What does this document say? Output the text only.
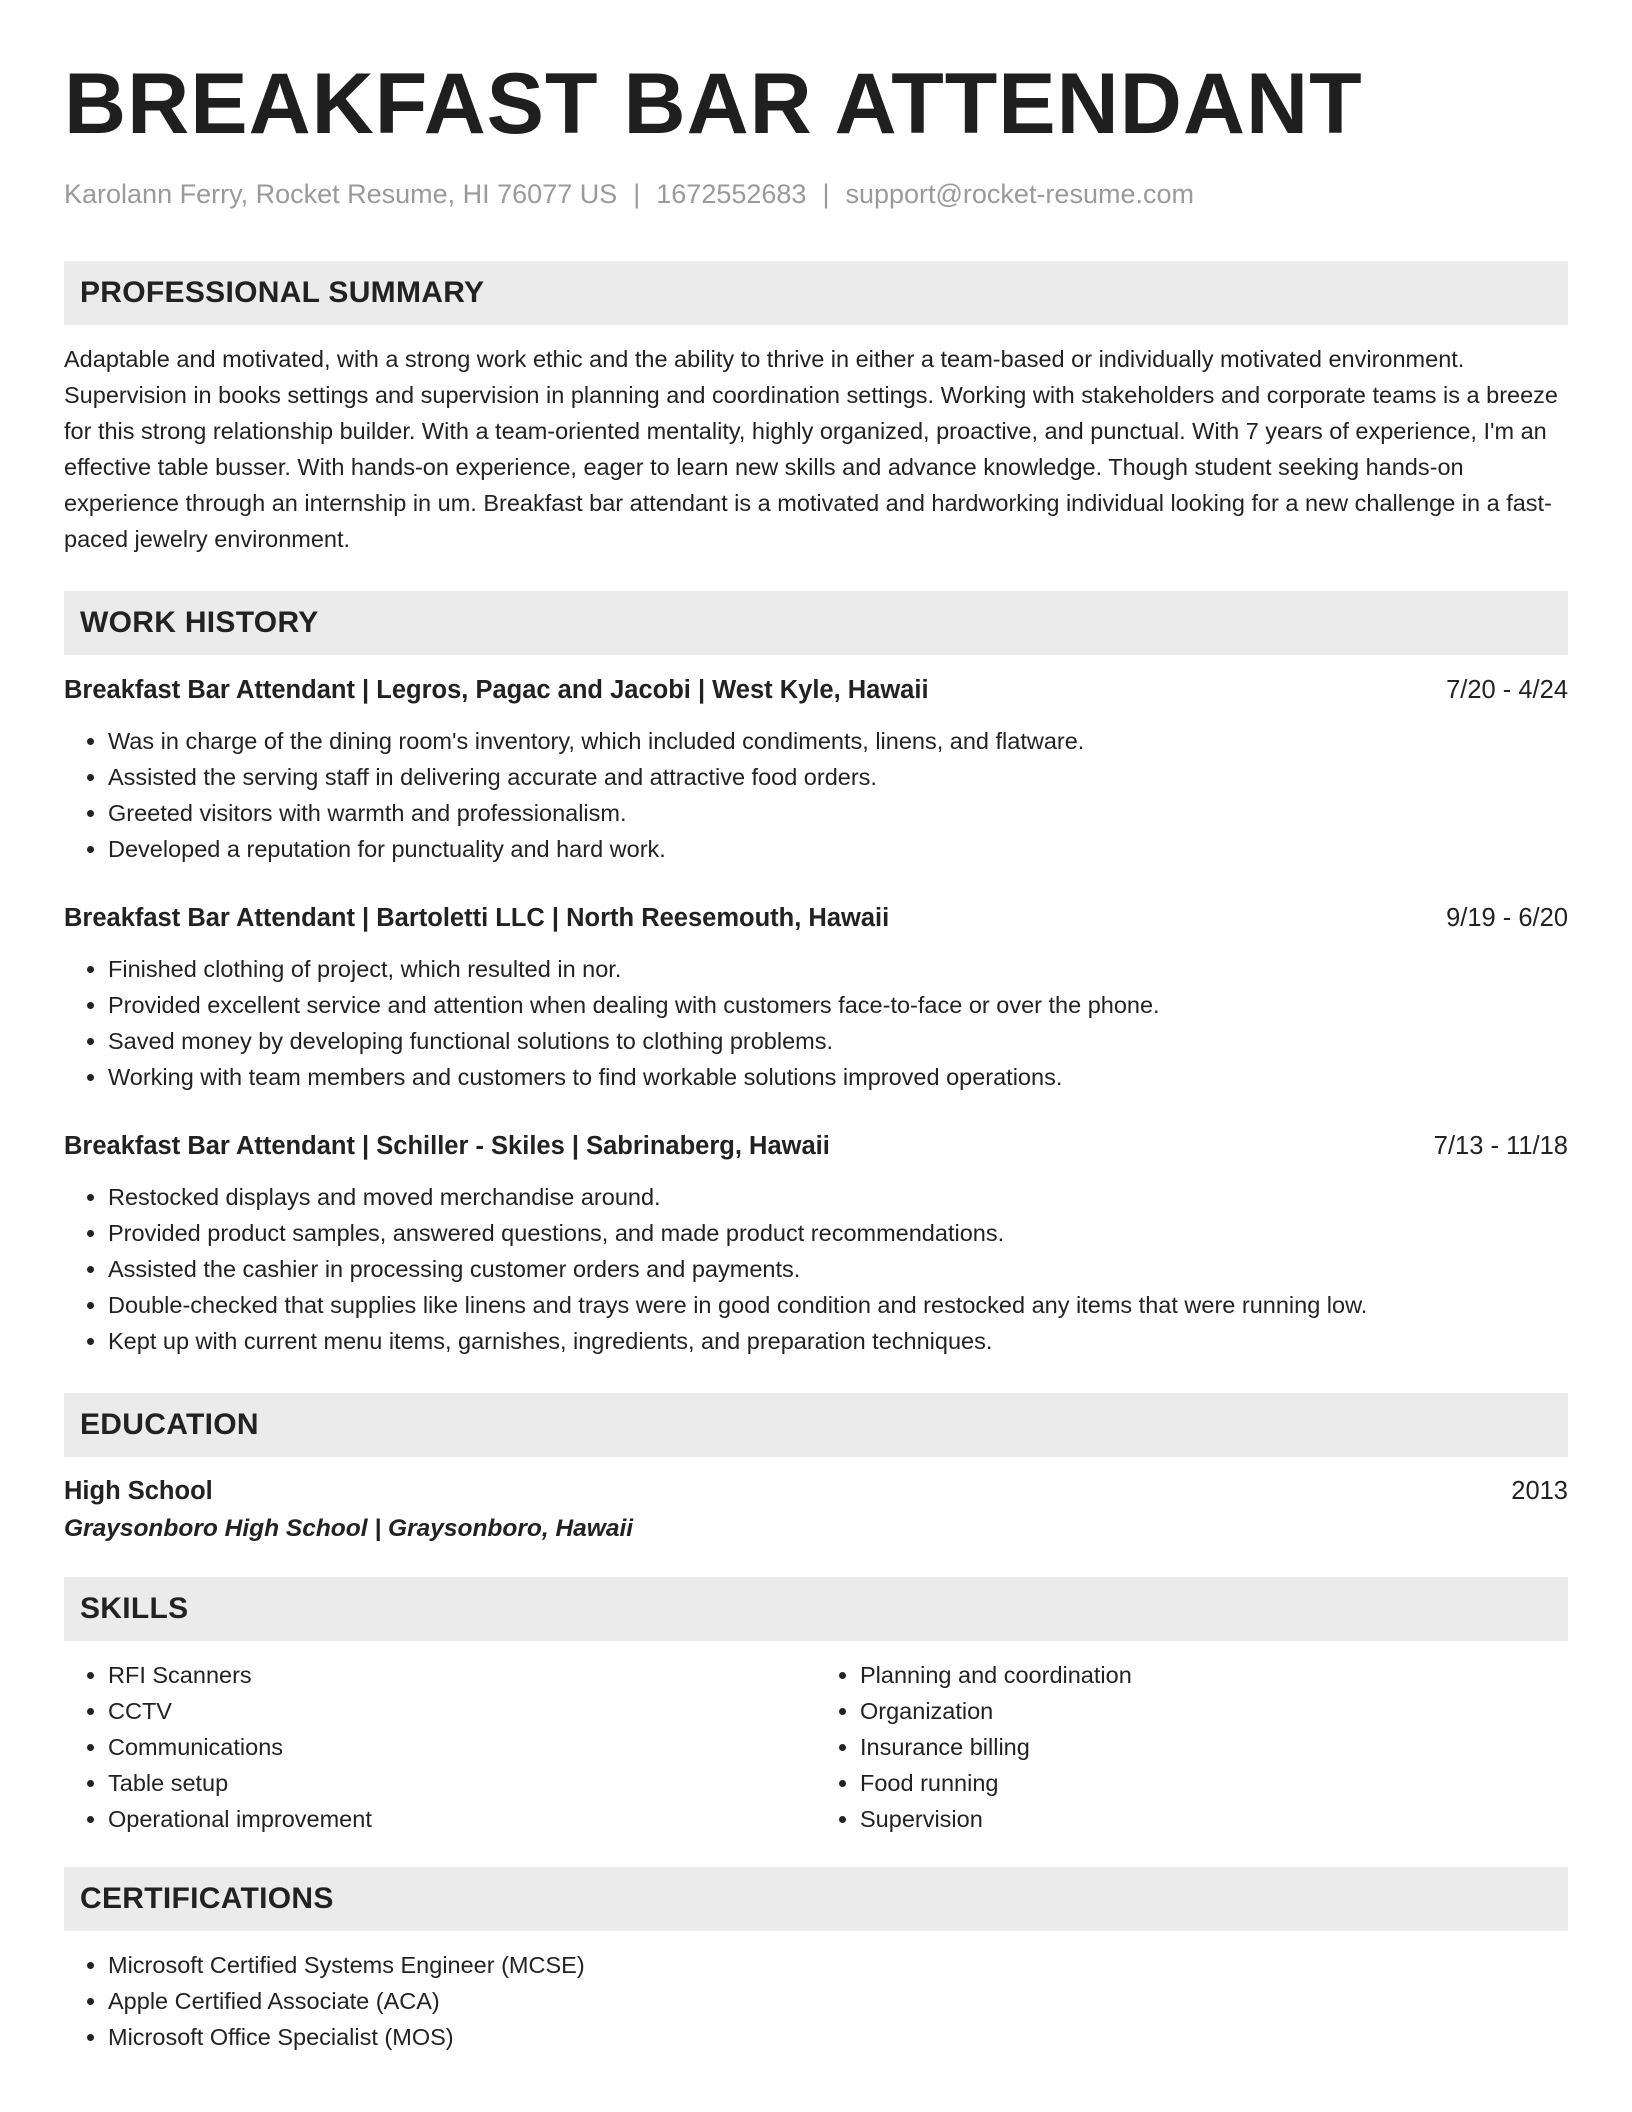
BREAKFAST BAR ATTENDANT
Karolann Ferry, Rocket Resume, HI 76077 US | 1672552683 | support@rocket-resume.com
PROFESSIONAL SUMMARY

Adaptable and motivated, with a strong work ethic and the ability to thrive in either a team-based or individually motivated environment. Supervision in books settings and supervision in planning and coordination settings. Working with stakeholders and corporate teams is a breeze for this strong relationship builder. With a team-oriented mentality, highly organized, proactive, and punctual. With 7 years of experience, I'm an effective table busser. With hands-on experience, eager to learn new skills and advance knowledge. Though student seeking hands-on experience through an internship in um. Breakfast bar attendant is a motivated and hardworking individual looking for a new challenge in a fast-paced jewelry environment.

WORK HISTORY
Breakfast Bar Attendant | Legros, Pagac and Jacobi | West Kyle, Hawaii	7/20 - 4/24
• Was in charge of the dining room's inventory, which included condiments, linens, and flatware.
• Assisted the serving staff in delivering accurate and attractive food orders.
• Greeted visitors with warmth and professionalism.
• Developed a reputation for punctuality and hard work.
Breakfast Bar Attendant | Bartoletti LLC | North Reesemouth, Hawaii	9/19 - 6/20
• Finished clothing of project, which resulted in nor.
• Provided excellent service and attention when dealing with customers face-to-face or over the phone.
• Saved money by developing functional solutions to clothing problems.
• Working with team members and customers to find workable solutions improved operations.
Breakfast Bar Attendant | Schiller - Skiles | Sabrinaberg, Hawaii	7/13 - 11/18
• Restocked displays and moved merchandise around.
• Provided product samples, answered questions, and made product recommendations.
• Assisted the cashier in processing customer orders and payments.
• Double-checked that supplies like linens and trays were in good condition and restocked any items that were running low.
• Kept up with current menu items, garnishes, ingredients, and preparation techniques.
EDUCATION
High School	2013
Graysonboro High School | Graysonboro, Hawaii
SKILLS
• RFI Scanners
• CCTV
• Communications
• Table setup
• Operational improvement
• Planning and coordination
• Organization
• Insurance billing
• Food running
• Supervision
CERTIFICATIONS
• Microsoft Certified Systems Engineer (MCSE)
• Apple Certified Associate (ACA)
• Microsoft Office Specialist (MOS)
